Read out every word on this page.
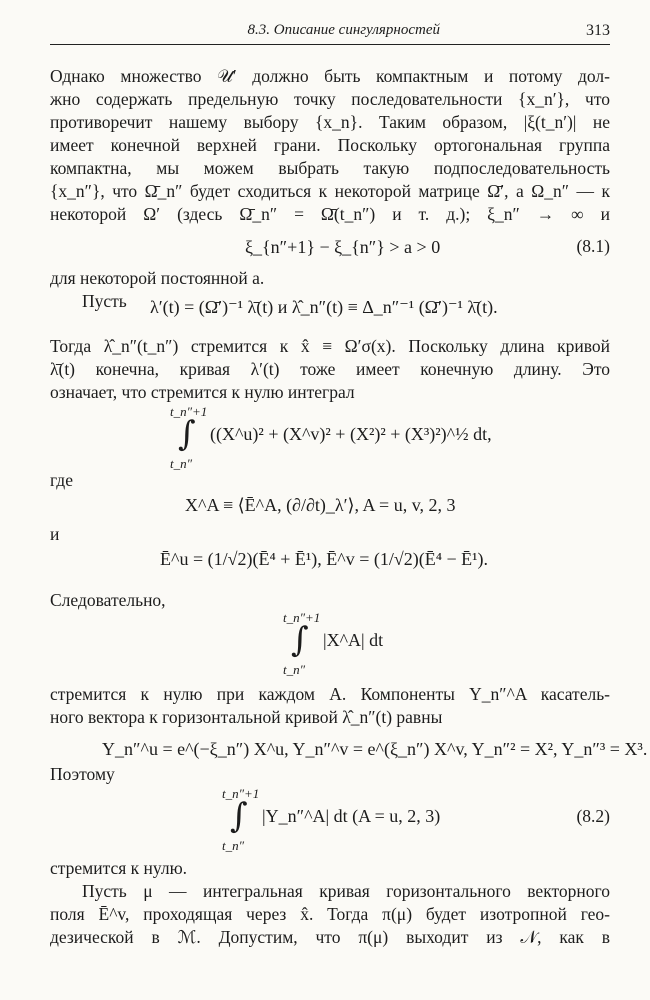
8.3. Описание сингулярностей	313
Однако множество 𝒰′ должно быть компактным и потому дол-
жно содержать предельную точку последовательности {x_n′}, что
противоречит нашему выбору {x_n}. Таким образом, |ξ(t_n′)| не
имеет конечной верхней грани. Поскольку ортогональная группа
компактна, мы можем выбрать такую подпоследовательность
{x_n″}, что Ω̄_n″ будет сходиться к некоторой матрице Ω̄′, а Ω_n″ — к
некоторой Ω′ (здесь Ω̄_n″ = Ω̄(t_n″) и т. д.); ξ_n″ → ∞ и
ξ_{n″+1} − ξ_{n″} > a > 0	(8.1)
для некоторой постоянной a.
Пусть	λ′(t) = (Ω̄′)⁻¹ λ̄(t) и λ̂_n″(t) ≡ Δ_n″⁻¹ (Ω̄′)⁻¹ λ̄(t).
Тогда λ̂_n″(t_n″) стремится к x̂ ≡ Ω′σ(x). Поскольку длина кривой
λ̄(t) конечна, кривая λ′(t) тоже имеет конечную длину. Это
означает, что стремится к нулю интеграл
t_n″+1
∫
t_n″
((X^u)² + (X^v)² + (X²)² + (X³)²)^½ dt,
где
X^A ≡ ⟨Ē^A, (∂/∂t)_λ′⟩, A = u, v, 2, 3
и
Ē^u = (1/√2)(Ē⁴ + Ē¹), Ē^v = (1/√2)(Ē⁴ − Ē¹).
Следовательно,
t_n″+1
∫
t_n″
|X^A| dt
стремится к нулю при каждом A. Компоненты Y_n″^A касатель-
ного вектора к горизонтальной кривой λ̂_n″(t) равны
Y_n″^u = e^(−ξ_n″) X^u, Y_n″^v = e^(ξ_n″) X^v, Y_n″² = X², Y_n″³ = X³.
Поэтому
t_n″+1
∫
t_n″
|Y_n″^A| dt (A = u, 2, 3)	(8.2)
стремится к нулю.
Пусть μ — интегральная кривая горизонтального векторного
поля Ē^v, проходящая через x̂. Тогда π(μ) будет изотропной гео-
дезической в ℳ. Допустим, что π(μ) выходит из 𝒩, как в
